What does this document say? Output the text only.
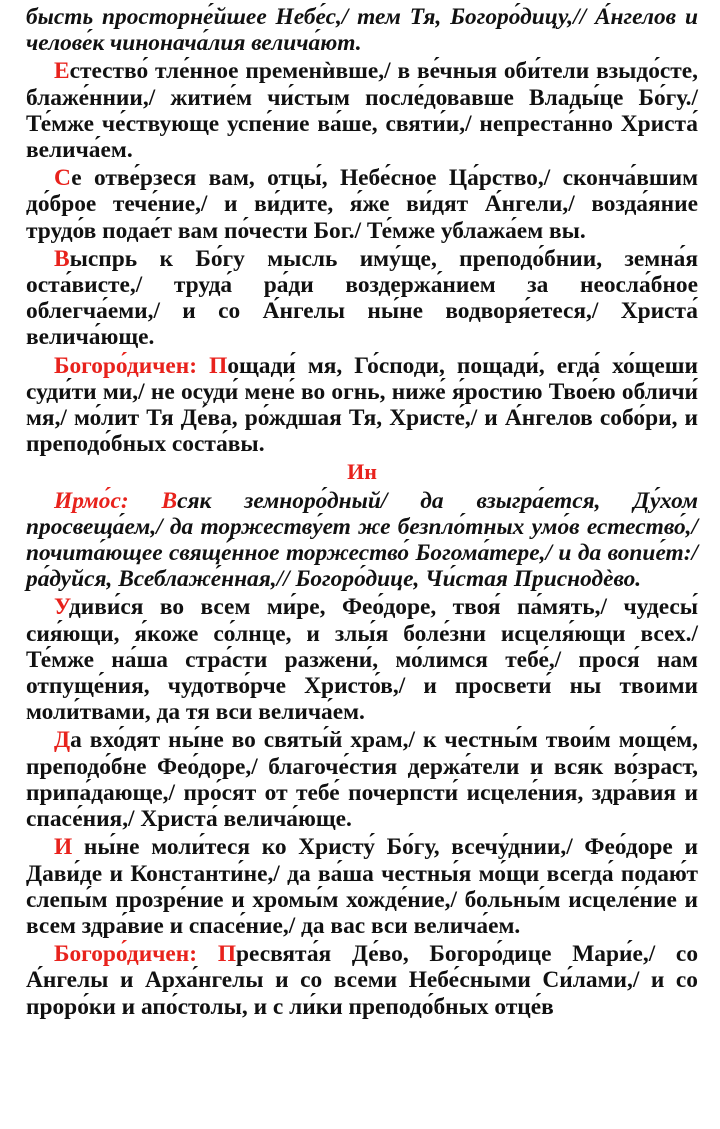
бысть просторне́йшее Небе́с,/ тем Тя, Богоро́дицу,// А́нгелов и челове́к чинонача́лия велича́ют.

Естество́ тле́нное пременѝвше,/ в ве́чныя оби́тели взыдо́сте, блаже́ннии,/ житие́м чи́стым после́довавше Влады́це Бо́гу./ Те́мже че́ствующе успе́ние ва́ше, святи́и,/ непреста́нно Христа́ велича́ем.

Се отве́рзеся вам, отцы́, Небе́сное Ца́рство,/ сконча́вшим до́брое тече́ние,/ и ви́дите, я́же ви́дят А́нгели,/ возда́яние трудо́в подае́т вам по́чести Бог./ Те́мже ублажа́ем вы.

Выспрь к Бо́гу мысль иму́ще, преподо́бнии, земна́я оста́висте,/ труда́ ра́ди воздержа́нием за неосла́бное облегча́еми,/ и со А́нгелы ны́не водворя́етеся,/ Христа́ велича́юще.

Богоро́дичен: Пощади́ мя, Го́споди, пощади́, егда́ хо́щеши суди́ти ми,/ не осуди́ мене́ во огнь, ниже́ я́ростию Твое́ю обличи́ мя,/ мо́лит Тя Де́ва, ро́ждшая Тя, Христе́,/ и А́нгелов собо́ри, и преподо́бных соста́вы.

Ин

Ирмо́с: Всяк земноро́дный/ да взыгра́ется, Ду́хом просвеща́ем,/ да торжеству́ет же безпло́тных умо́в естество́,/ почита́ющее свяще́нное торжество́ Богома́тере,/ и да вопие́т:/ ра́дуйся, Всеблаже́нная,// Богоро́дице, Чи́стая Приснодѐво.

Удиви́ся во всем ми́ре, Фео́доре, твоя́ па́мять,/ чудесы́ сия́ющи, я́коже со́лнце, и злы́я боле́зни исцеля́ющи всех./ Те́мже на́ша стра́сти разжени́, мо́лимся тебе́,/ прося́ нам отпуще́ния, чудотво́рче Христо́в,/ и просвети́ ны твоими моли́твами, да тя вси велича́ем.

Да вхо́дят ны́не во святы́й храм,/ к честны́м твои́м моще́м, преподо́бне Фео́доре,/ благоче́стия держа́тели и всяк во́зраст, припа́дающе,/ про́сят от тебе́ почерпсти́ исцеле́ния, здра́вия и спасе́ния,/ Христа́ велича́юще.

И ны́не моли́теся ко Христу́ Бо́гу, всечу́днии,/ Фео́доре и Дави́де и Константи́не,/ да ва́ша честны́я мо́щи всегда́ подаю́т слепы́м прозре́ние и хромы́м хожде́ние,/ больны́м исцеле́ние и всем здра́вие и спасе́ние,/ да вас вси велича́ем.

Богоро́дичен: Пресвята́я Де́во, Богоро́дице Мари́е,/ со А́нгелы и Арха́нгелы и со всеми Небе́сными Си́лами,/ и со проро́ки и апо́столы, и с ли́ки преподо́бных отце́в
